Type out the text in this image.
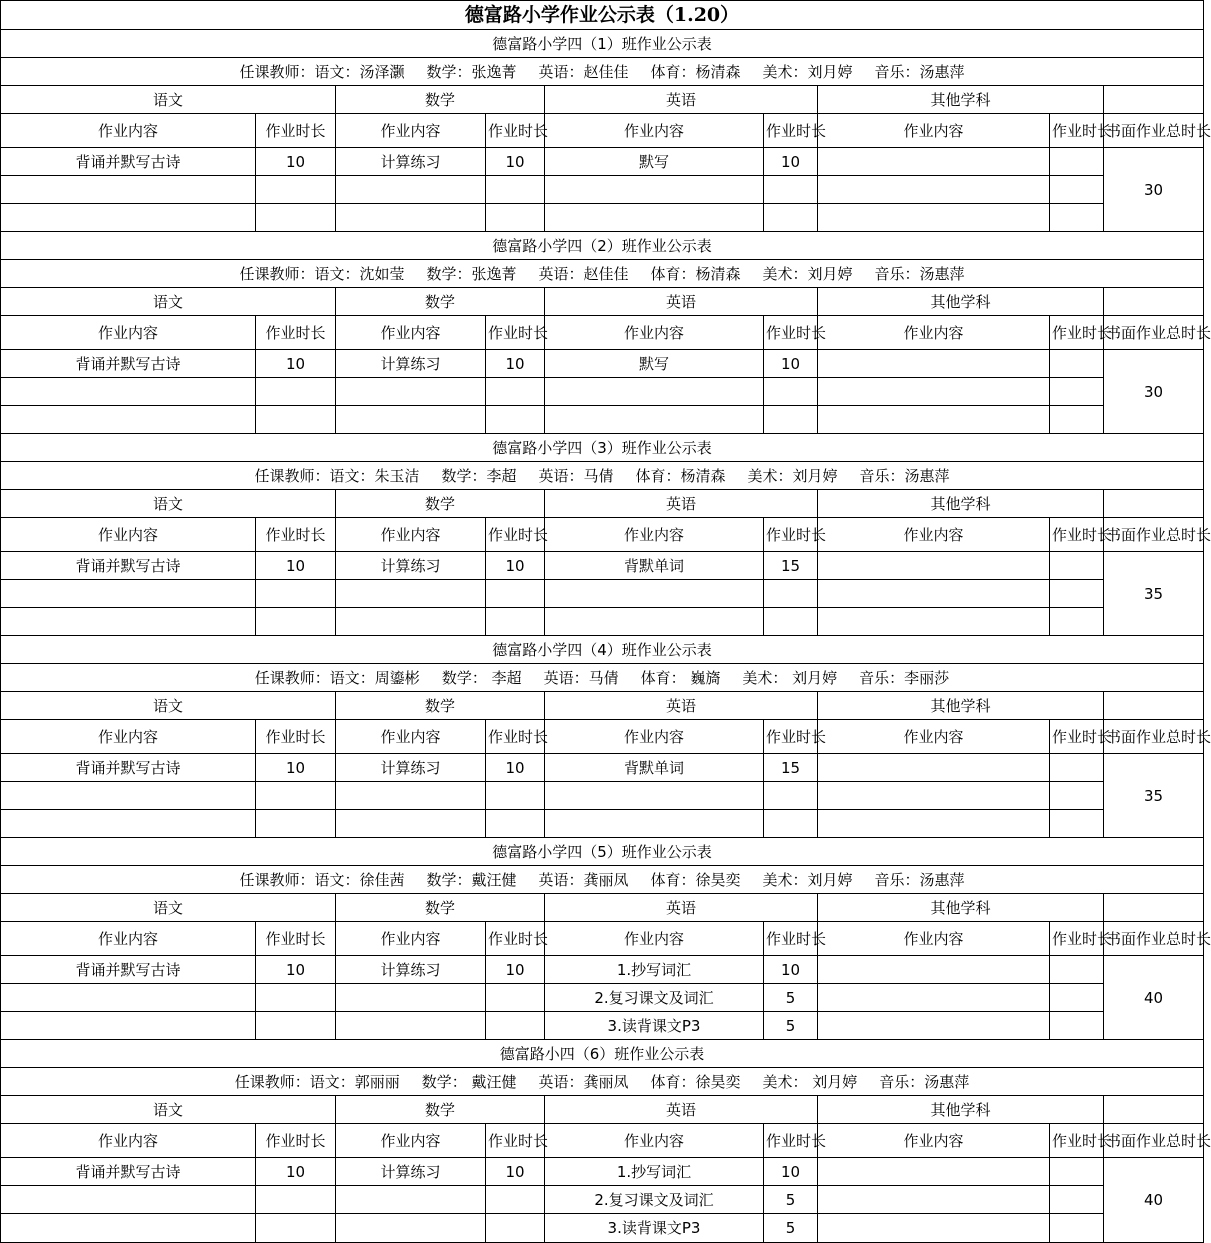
德富路小学作业公示表（1.20）								
德富路小学四（1）班作业公示表								
任课教师：语文：汤泽灏 数学：张逸菁 英语：赵佳佳 体育：杨清森 美术：刘月婷 音乐：汤惠萍								
语文		数学		英语		其他学科		
作业内容	作业时长	作业内容	作业时长	作业内容	作业时长	作业内容	作业时长	书面作业总时长
背诵并默写古诗	10	计算练习	10	默写	10			30

德富路小学四（2）班作业公示表								
任课教师：语文：沈如莹 数学：张逸菁 英语：赵佳佳 体育：杨清森 美术：刘月婷 音乐：汤惠萍								
语文		数学		英语		其他学科		
作业内容	作业时长	作业内容	作业时长	作业内容	作业时长	作业内容	作业时长	书面作业总时长
背诵并默写古诗	10	计算练习	10	默写	10			30

德富路小学四（3）班作业公示表								
任课教师：语文：朱玉洁 数学：李超 英语：马倩 体育：杨清森 美术：刘月婷 音乐：汤惠萍								
语文		数学		英语		其他学科		
作业内容	作业时长	作业内容	作业时长	作业内容	作业时长	作业内容	作业时长	书面作业总时长
背诵并默写古诗	10	计算练习	10	背默单词	15			35

德富路小学四（4）班作业公示表								
任课教师：语文：周鎏彬 数学： 李超 英语：马倩 体育： 巍旖 美术： 刘月婷 音乐：李丽莎								
语文		数学		英语		其他学科		
作业内容	作业时长	作业内容	作业时长	作业内容	作业时长	作业内容	作业时长	书面作业总时长
背诵并默写古诗	10	计算练习	10	背默单词	15			35

德富路小学四（5）班作业公示表								
任课教师：语文：徐佳茜 数学：戴汪健 英语：龚丽凤 体育：徐昊奕 美术：刘月婷 音乐：汤惠萍								
语文		数学		英语		其他学科		
作业内容	作业时长	作业内容	作业时长	作业内容	作业时长	作业内容	作业时长	书面作业总时长
背诵并默写古诗	10	计算练习	10	1.抄写词汇	10			40
				2.复习课文及词汇	5			
				3.读背课文P3	5			
德富路小四（6）班作业公示表								
任课教师：语文：郭丽丽 数学： 戴汪健 英语：龚丽凤 体育：徐昊奕 美术： 刘月婷 音乐：汤惠萍								
语文		数学		英语		其他学科		
作业内容	作业时长	作业内容	作业时长	作业内容	作业时长	作业内容	作业时长	书面作业总时长
背诵并默写古诗	10	计算练习	10	1.抄写词汇	10			40
				2.复习课文及词汇	5			
				3.读背课文P3	5			
